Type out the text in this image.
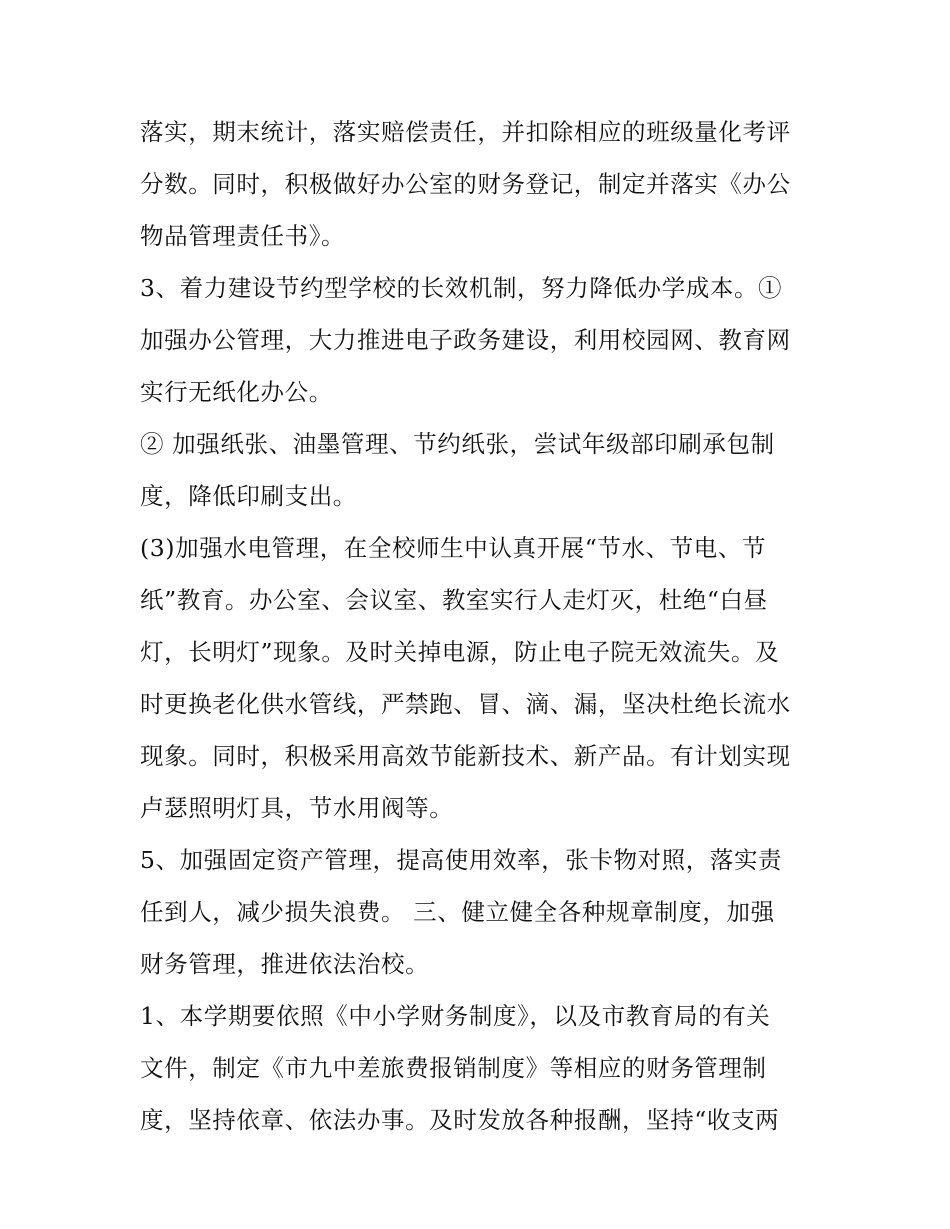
落实，期末统计，落实赔偿责任，并扣除相应的班级量化考评
分数。同时，积极做好办公室的财务登记，制定并落实《办公
物品管理责任书》。
3、着力建设节约型学校的长效机制，努力降低办学成本。①
加强办公管理，大力推进电子政务建设，利用校园网、教育网
实行无纸化办公。
② 加强纸张、油墨管理、节约纸张，尝试年级部印刷承包制
度，降低印刷支出。
(3)加强水电管理，在全校师生中认真开展“节水、节电、节
纸”教育。办公室、会议室、教室实行人走灯灭，杜绝“白昼
灯，长明灯”现象。及时关掉电源，防止电子院无效流失。及
时更换老化供水管线，严禁跑、冒、滴、漏，坚决杜绝长流水
现象。同时，积极采用高效节能新技术、新产品。有计划实现
卢瑟照明灯具，节水用阀等。
5、加强固定资产管理，提高使用效率，张卡物对照，落实责
任到人，减少损失浪费。 三、健立健全各种规章制度，加强
财务管理，推进依法治校。
1、本学期要依照《中小学财务制度》，以及市教育局的有关
文件，制定《市九中差旅费报销制度》等相应的财务管理制
度，坚持依章、依法办事。及时发放各种报酬，坚持“收支两
